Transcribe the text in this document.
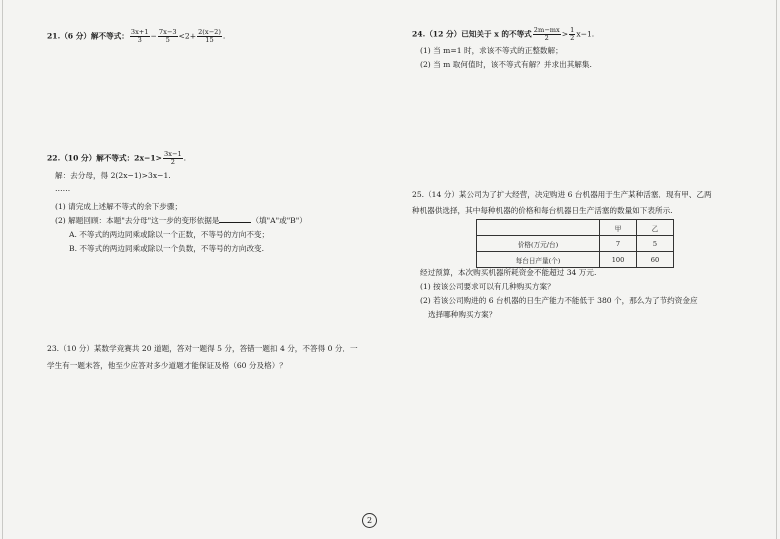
21.（6 分）解不等式： $\frac{3x+1}{3} - \frac{7x-3}{5} <2+ \frac{2(x-2)}{15}$ .

22.（10 分）解不等式：$2x-1> \frac{3x-1}{2}$ .

解：去分母，得 2(2x−1)>3x−1.

……

(1) 请完成上述解不等式的余下步骤；

(2) 解题回顾：本题"去分母"这一步的变形依据是	（填"A"或"B"）

A. 不等式的两边同乘或除以一个正数，不等号的方向不变；

B. 不等式的两边同乘或除以一个负数，不等号的方向改变.

23.（10 分）某数学竞赛共 20 道题，答对一题得 5 分，答错一题扣 4 分，不答得 0 分．一

学生有一题未答，他至少应答对多少道题才能保证及格（60 分及格）？

24.（12 分）已知关于 x 的不等式 $\frac{2m-mx}{2} > \frac{1}{2} x-1$.

(1) 当 m=1 时，求该不等式的正整数解；

(2) 当 m 取何值时，该不等式有解？并求出其解集.

25.（14 分）某公司为了扩大经营，决定购进 6 台机器用于生产某种活塞．现有甲、乙两

种机器供选择，其中每种机器的价格和每台机器日生产活塞的数量如下表所示.

	甲	乙
价格(万元/台)	7	5
每台日产量(个)	100	60

经过预算，本次购买机器所耗资金不能超过 34 万元.

(1) 按该公司要求可以有几种购买方案？

(2) 若该公司购进的 6 台机器的日生产能力不能低于 380 个，那么为了节约资金应

选择哪种购买方案？

2
